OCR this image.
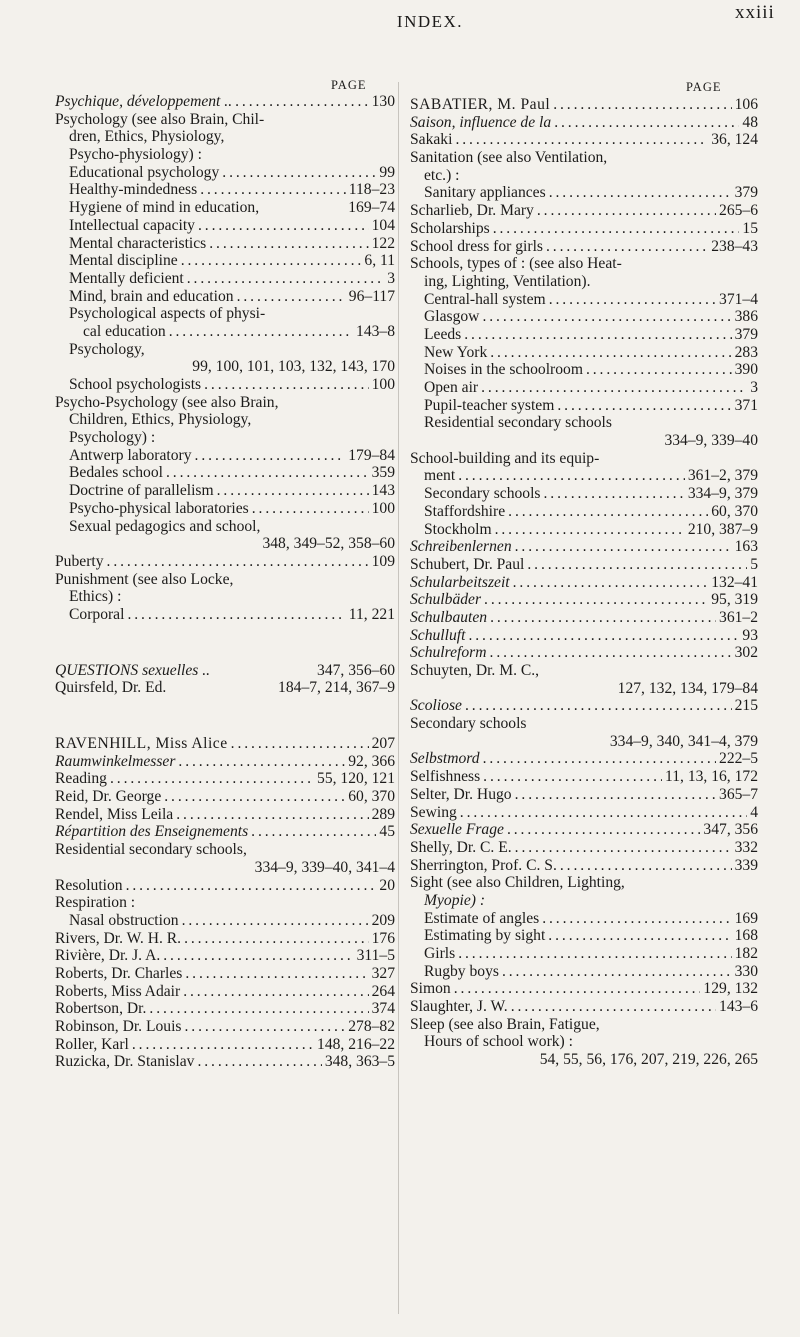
INDEX.	xxiii
PAGE
Psychique, développement .. . . .	130
Psychology (see also Brain, Chil-
dren, Ethics, Physiology,
Psycho-physiology) :
Educational psychology . . .	99
Healthy-mindedness . . .	118–23
Hygiene of mind in education,	169–74
Intellectual capacity . . .	104
Mental characteristics . . .	122
Mental discipline . . .	6, 11
Mentally deficient . . .	3
Mind, brain and education . . .	96–117
Psychological aspects of physi-
cal education . . .	143–8
Psychology,
99, 100, 101, 103, 132, 143, 170
School psychologists . . .	100
Psycho-Psychology (see also Brain,
Children, Ethics, Physiology,
Psychology) :
Antwerp laboratory . . .	179–84
Bedales school . . .	359
Doctrine of parallelism . . .	143
Psycho-physical laboratories . . .	100
Sexual pedagogics and school,
348, 349–52, 358–60
Puberty . . .	109
Punishment (see also Locke,
Ethics) :
Corporal . . .	11, 221
QUESTIONS sexuelles ..	347, 356–60
Quirsfeld, Dr. Ed.	184–7, 214, 367–9
RAVENHILL, Miss Alice . . .	207
Raumwinkelmesser . . .	92, 366
Reading . . .	55, 120, 121
Reid, Dr. George . . .	60, 370
Rendel, Miss Leila . . .	289
Répartition des Enseignements . . .	45
Residential secondary schools,
334–9, 339–40, 341–4
Resolution . . .	20
Respiration :
Nasal obstruction . . .	209
Rivers, Dr. W. H. R. . . .	176
Rivière, Dr. J. A. . . .	311–5
Roberts, Dr. Charles . . .	327
Roberts, Miss Adair . . .	264
Robertson, Dr. . . .	374
Robinson, Dr. Louis . . .	278–82
Roller, Karl . . .	148, 216–22
Ruzicka, Dr. Stanislav . . .	348, 363–5
PAGE
SABATIER, M. Paul . . .	106
Saison, influence de la . . .	48
Sakaki . . .	36, 124
Sanitation (see also Ventilation,
etc.) :
Sanitary appliances . . .	379
Scharlieb, Dr. Mary . . .	265–6
Scholarships . . .	15
School dress for girls . . .	238–43
Schools, types of : (see also Heat-
ing, Lighting, Ventilation).
Central-hall system . . .	371–4
Glasgow . . .	386
Leeds . . .	379
New York . . .	283
Noises in the schoolroom . . .	390
Open air . . .	3
Pupil-teacher system . . .	371
Residential secondary schools
334–9, 339–40
School-building and its equip-
ment . . .	361–2, 379
Secondary schools . . .	334–9, 379
Staffordshire . . .	60, 370
Stockholm . . .	210, 387–9
Schreibenlernen . . .	163
Schubert, Dr. Paul . . .	5
Schularbeitszeit . . .	132–41
Schulbäder . . .	95, 319
Schulbauten . . .	361–2
Schulluft . . .	93
Schulreform . . .	302
Schuyten, Dr. M. C.,
127, 132, 134, 179–84
Scoliose . . .	215
Secondary schools
334–9, 340, 341–4, 379
Selbstmord . . .	222–5
Selfishness . . .	11, 13, 16, 172
Selter, Dr. Hugo . . .	365–7
Sewing . . .	4
Sexuelle Frage . . .	347, 356
Shelly, Dr. C. E. . . .	332
Sherrington, Prof. C. S. . . .	339
Sight (see also Children, Lighting,
Myopie) :
Estimate of angles . . .	169
Estimating by sight . . .	168
Girls . . .	182
Rugby boys . . .	330
Simon . . .	129, 132
Slaughter, J. W. . . .	143–6
Sleep (see also Brain, Fatigue,
Hours of school work) :
54, 55, 56, 176, 207, 219, 226, 265
